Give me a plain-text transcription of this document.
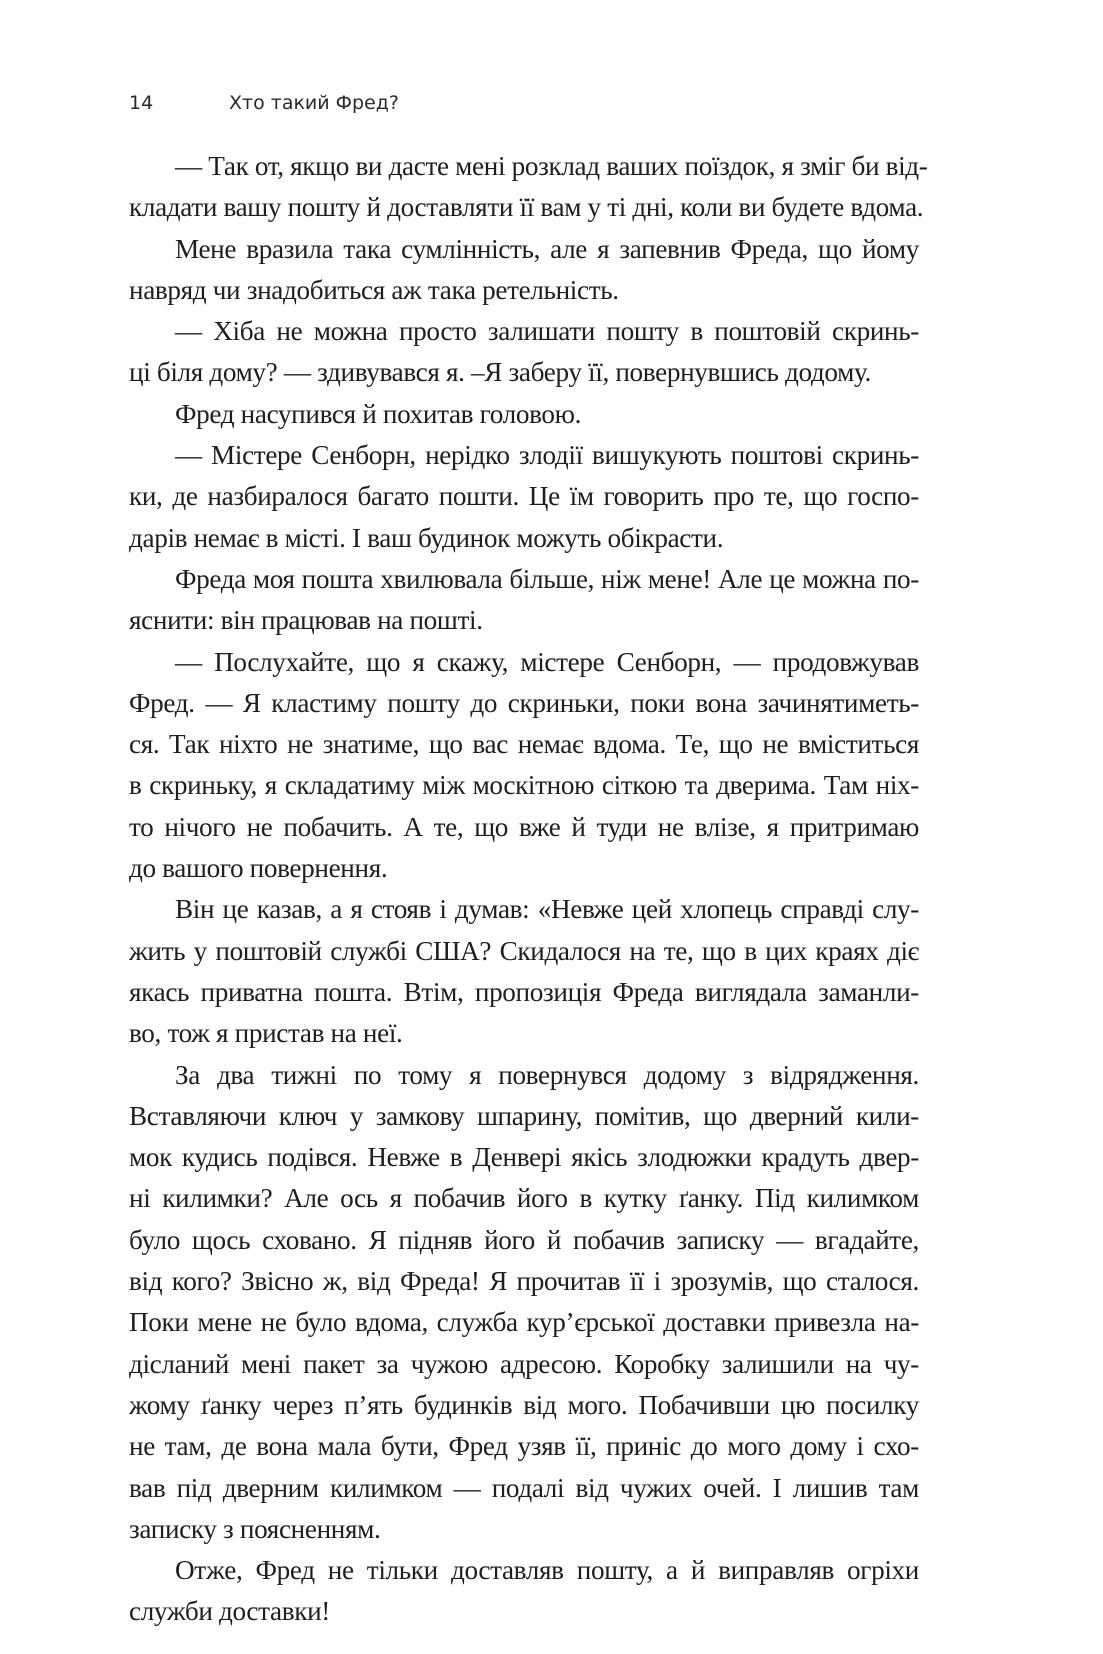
14	Хто такий Фред?
— Так от, якщо ви дасте мені розклад ваших поїздок, я зміг би від-
кладати вашу пошту й доставляти її вам у ті дні, коли ви будете вдома.
Мене вразила така сумлінність, але я запевнив Фреда, що йому
навряд чи знадобиться аж така ретельність.
— Хіба не можна просто залишати пошту в поштовій скринь-
ці біля дому? — здивувався я. –Я заберу її, повернувшись додому.
Фред насупився й похитав головою.
— Містере Сенборн, нерідко злодії вишукують поштові скринь-
ки, де назбиралося багато пошти. Це їм говорить про те, що госпо-
дарів немає в місті. І ваш будинок можуть обікрасти.
Фреда моя пошта хвилювала більше, ніж мене! Але це можна по-
яснити: він працював на пошті.
— Послухайте, що я скажу, містере Сенборн, — продовжував
Фред. — Я кластиму пошту до скриньки, поки вона зачинятиметь-
ся. Так ніхто не знатиме, що вас немає вдома. Те, що не вміститься
в скриньку, я складатиму між москітною сіткою та дверима. Там ніх-
то нічого не побачить. А те, що вже й туди не влізе, я притримаю
до вашого повернення.
Він це казав, а я стояв і думав: «Невже цей хлопець справді слу-
жить у поштовій службі США? Скидалося на те, що в цих краях діє
якась приватна пошта. Втім, пропозиція Фреда виглядала заманли-
во, тож я пристав на неї.
За два тижні по тому я повернувся додому з відрядження.
Вставляючи ключ у замкову шпарину, помітив, що дверний кили-
мок кудись подівся. Невже в Денвері якісь злодюжки крадуть двер-
ні килимки? Але ось я побачив його в кутку ґанку. Під килимком
було щось сховано. Я підняв його й побачив записку — вгадайте,
від кого? Звісно ж, від Фреда! Я прочитав її і зрозумів, що сталося.
Поки мене не було вдома, служба кур’єрської доставки привезла на-
дісланий мені пакет за чужою адресою. Коробку залишили на чу-
жому ґанку через п’ять будинків від мого. Побачивши цю посилку
не там, де вона мала бути, Фред узяв її, приніс до мого дому і схо-
вав під дверним килимком — подалі від чужих очей. І лишив там
записку з поясненням.
Отже, Фред не тільки доставляв пошту, а й виправляв огріхи
служби доставки!
